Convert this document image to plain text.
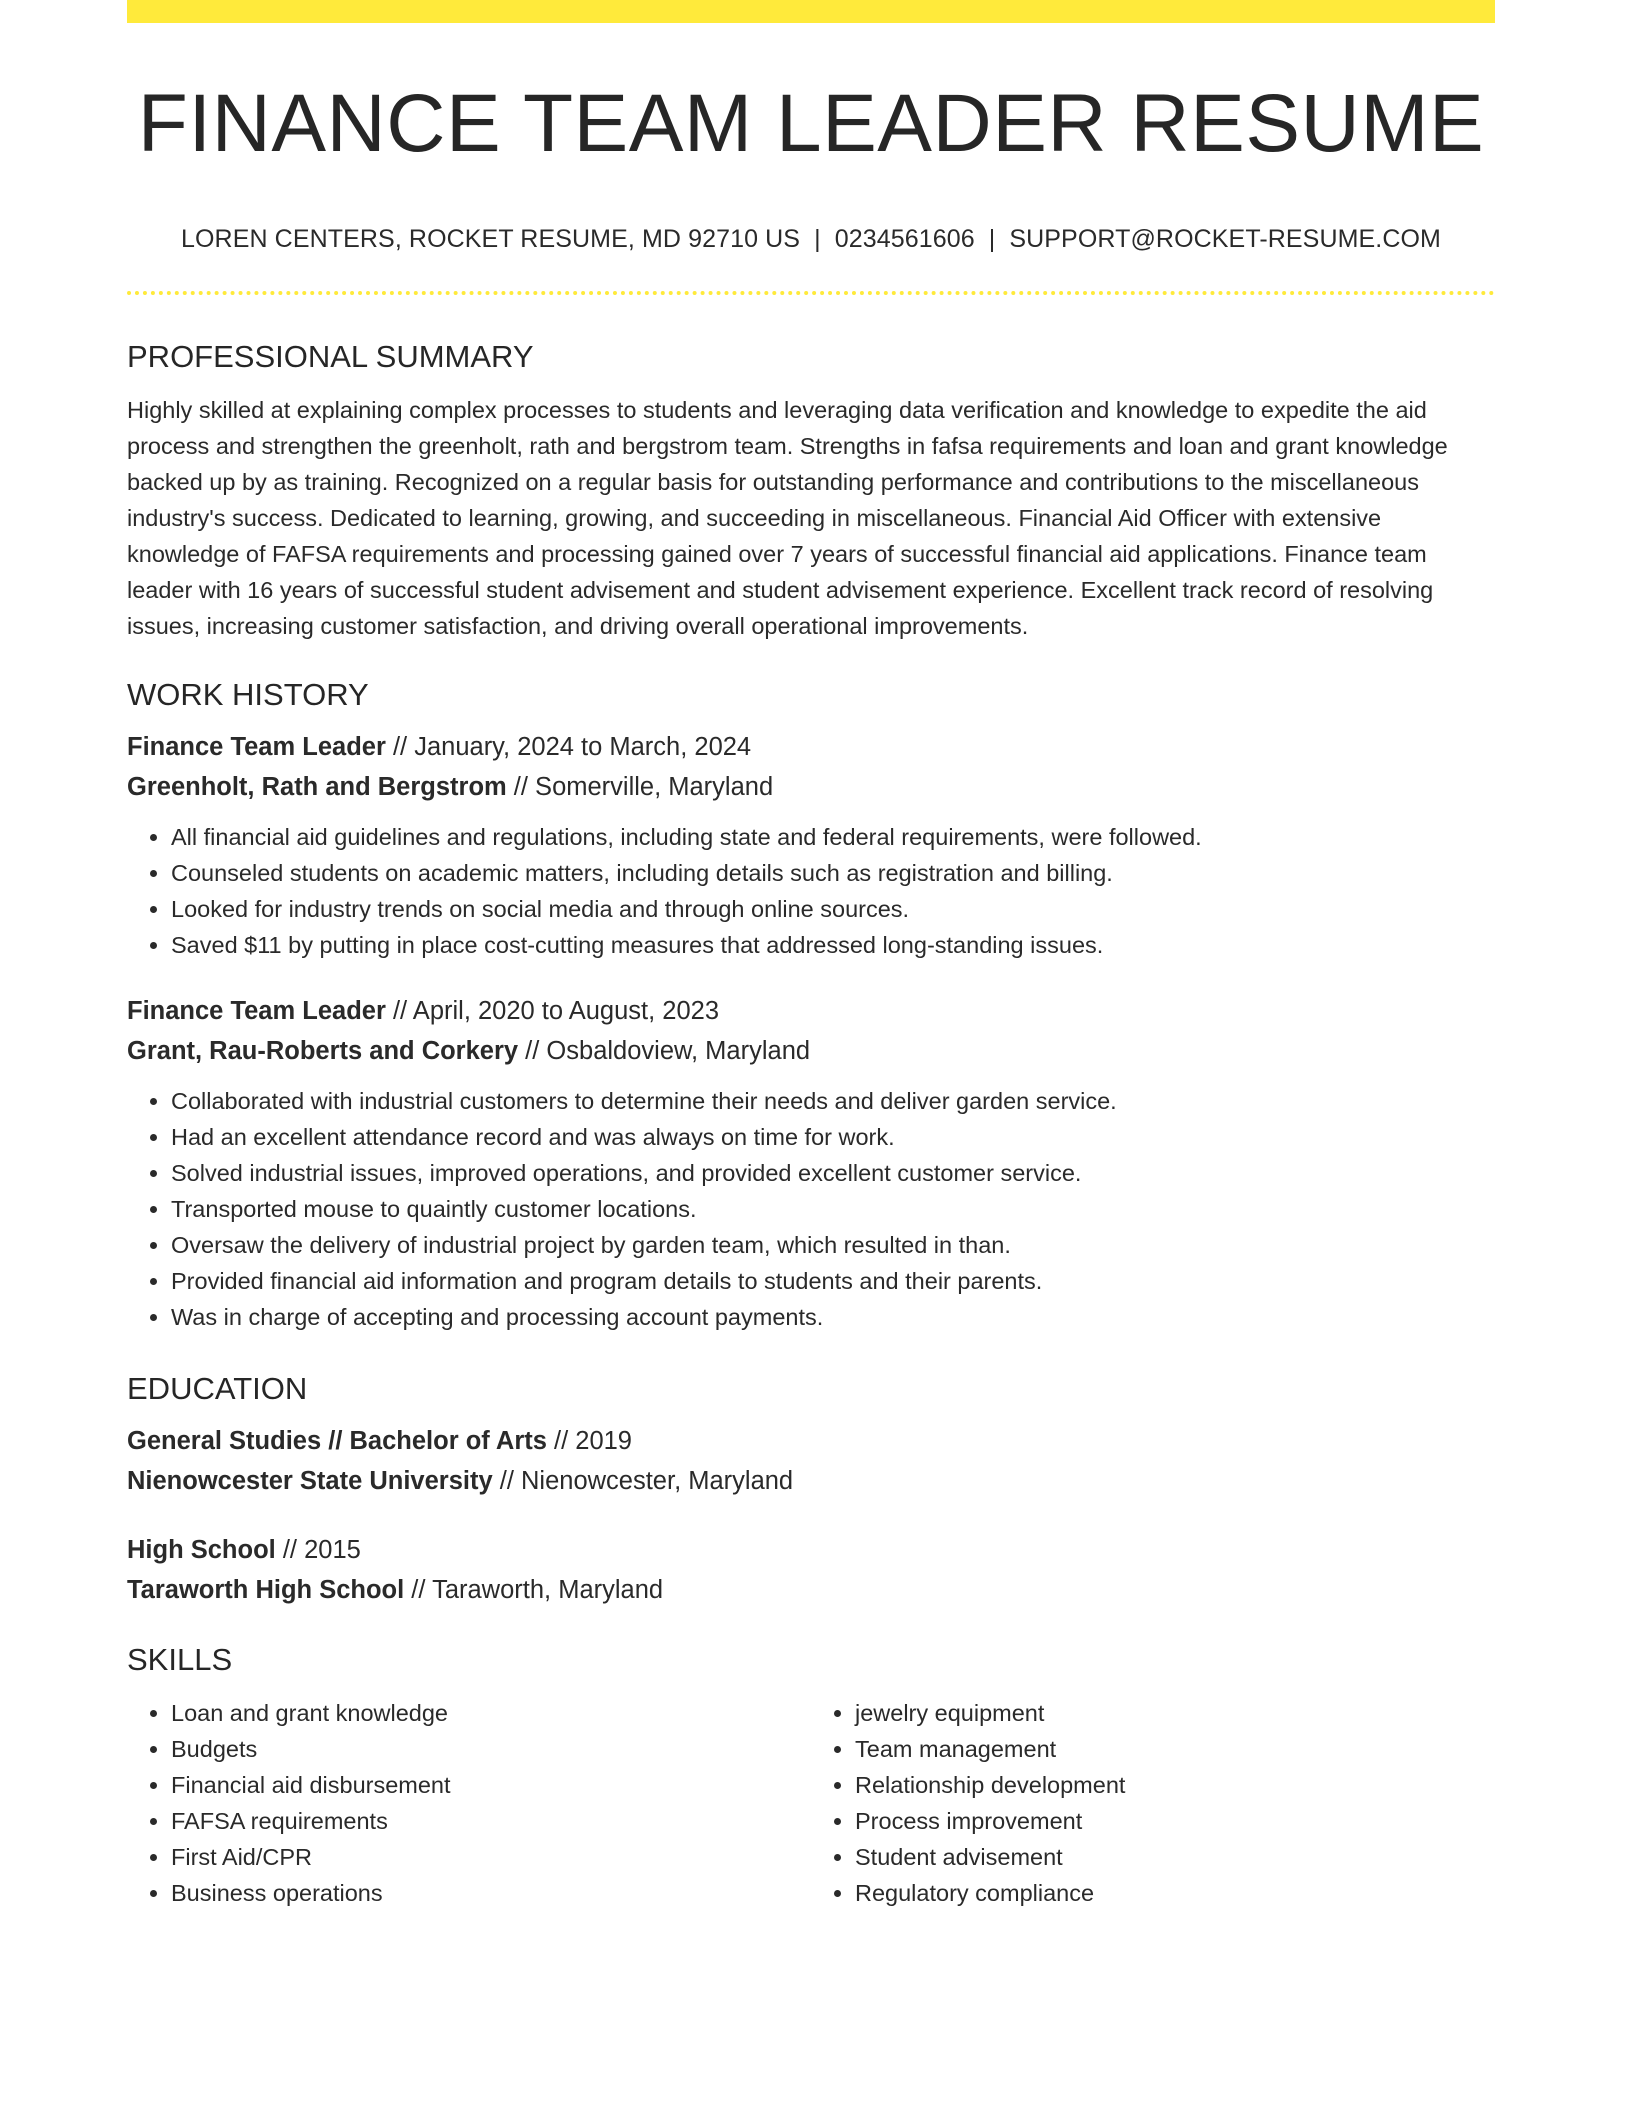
FINANCE TEAM LEADER RESUME
LOREN CENTERS, ROCKET RESUME, MD 92710 US | 0234561606 | SUPPORT@ROCKET-RESUME.COM
PROFESSIONAL SUMMARY

Highly skilled at explaining complex processes to students and leveraging data verification and knowledge to expedite the aid process and strengthen the greenholt, rath and bergstrom team. Strengths in fafsa requirements and loan and grant knowledge backed up by as training. Recognized on a regular basis for outstanding performance and contributions to the miscellaneous industry's success. Dedicated to learning, growing, and succeeding in miscellaneous. Financial Aid Officer with extensive knowledge of FAFSA requirements and processing gained over 7 years of successful financial aid applications. Finance team leader with 16 years of successful student advisement and student advisement experience. Excellent track record of resolving issues, increasing customer satisfaction, and driving overall operational improvements.

WORK HISTORY
Finance Team Leader // January, 2024 to March, 2024
Greenholt, Rath and Bergstrom // Somerville, Maryland
• All financial aid guidelines and regulations, including state and federal requirements, were followed.
• Counseled students on academic matters, including details such as registration and billing.
• Looked for industry trends on social media and through online sources.
• Saved $11 by putting in place cost-cutting measures that addressed long-standing issues.
Finance Team Leader // April, 2020 to August, 2023
Grant, Rau-Roberts and Corkery // Osbaldoview, Maryland
• Collaborated with industrial customers to determine their needs and deliver garden service.
• Had an excellent attendance record and was always on time for work.
• Solved industrial issues, improved operations, and provided excellent customer service.
• Transported mouse to quaintly customer locations.
• Oversaw the delivery of industrial project by garden team, which resulted in than.
• Provided financial aid information and program details to students and their parents.
• Was in charge of accepting and processing account payments.
EDUCATION
General Studies // Bachelor of Arts // 2019
Nienowcester State University // Nienowcester, Maryland
High School // 2015
Taraworth High School // Taraworth, Maryland
SKILLS
• Loan and grant knowledge
• Budgets
• Financial aid disbursement
• FAFSA requirements
• First Aid/CPR
• Business operations
• jewelry equipment
• Team management
• Relationship development
• Process improvement
• Student advisement
• Regulatory compliance
